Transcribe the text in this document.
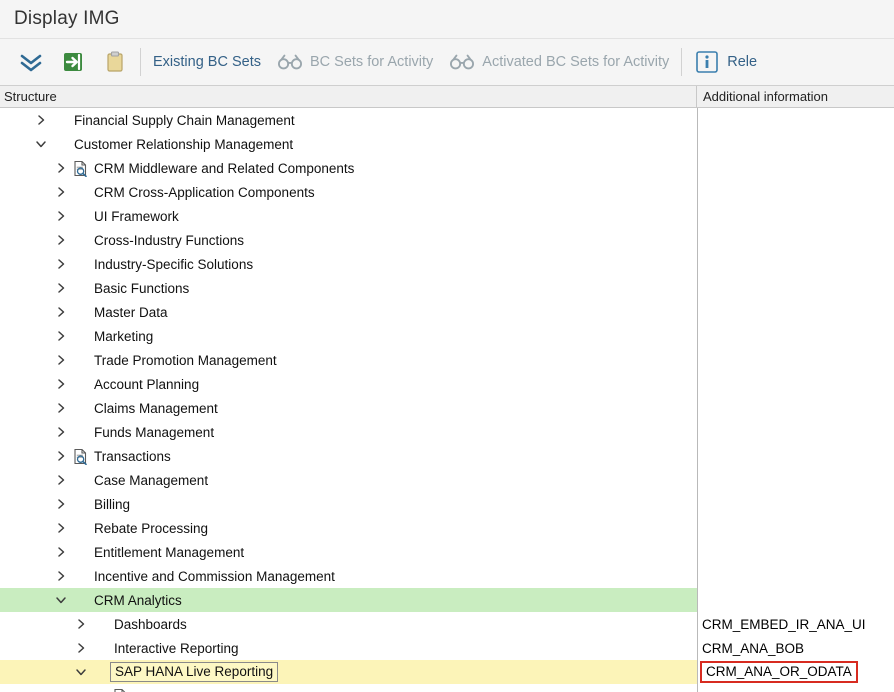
Display IMG
Existing BC Sets	BC Sets for Activity	Activated BC Sets for Activity	Rele
Structure	Additional information
Financial Supply Chain Management
Customer Relationship Management
CRM Middleware and Related Components
CRM Cross-Application Components
UI Framework
Cross-Industry Functions
Industry-Specific Solutions
Basic Functions
Master Data
Marketing
Trade Promotion Management
Account Planning
Claims Management
Funds Management
Transactions
Case Management
Billing
Rebate Processing
Entitlement Management
Incentive and Commission Management
CRM Analytics
Dashboards	CRM_EMBED_IR_ANA_UI
Interactive Reporting	CRM_ANA_BOB
SAP HANA Live Reporting	CRM_ANA_OR_ODATA
